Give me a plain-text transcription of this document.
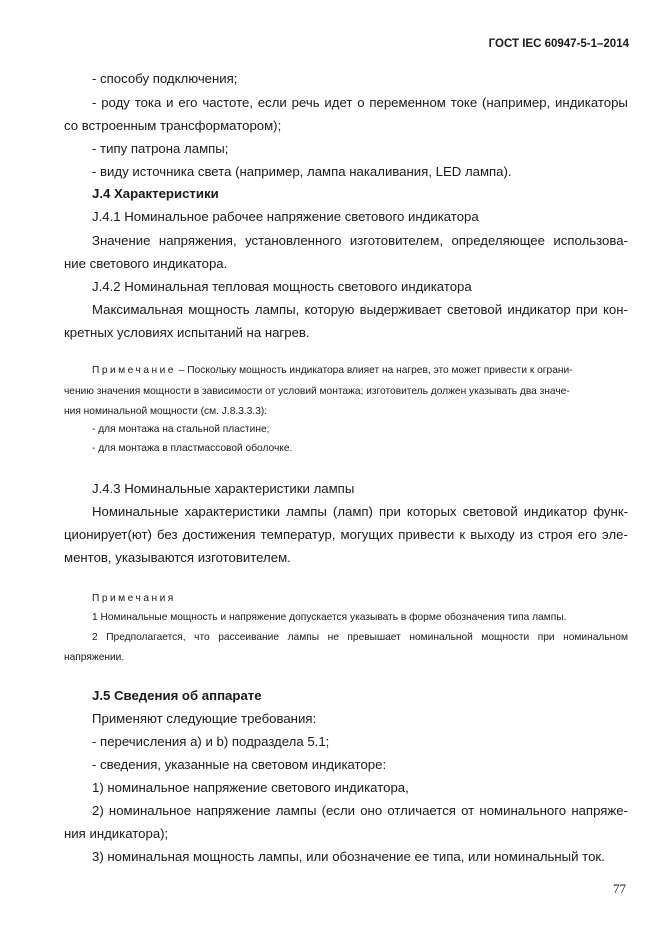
ГОСТ IEC 60947-5-1–2014
- способу подключения;
- роду тока и его частоте, если речь идет о переменном токе (например, индикаторы
со встроенным трансформатором);
- типу патрона лампы;
- виду источника света (например, лампа накаливания, LED лампа).
J.4 Характеристики
J.4.1 Номинальное рабочее напряжение светового индикатора
Значение напряжения, установленного изготовителем, определяющее использова-
ние светового индикатора.
J.4.2 Номинальная тепловая мощность светового индикатора
Максимальная мощность лампы, которую выдерживает световой индикатор при кон-
кретных условиях испытаний на нагрев.
Примечание – Поскольку мощность индикатора влияет на нагрев, это может привести к ограни-
чению значения мощности в зависимости от условий монтажа; изготовитель должен указывать два значе-
ния номинальной мощности (см. J.8.3.3.3):
- для монтажа на стальной пластине;
- для монтажа в пластмассовой оболочке.
J.4.3 Номинальные характеристики лампы
Номинальные характеристики лампы (ламп) при которых световой индикатор функ-
ционирует(ют) без достижения температур, могущих привести к выходу из строя его эле-
ментов, указываются изготовителем.
Примечания
1 Номинальные мощность и напряжение допускается указывать в форме обозначения типа лампы.
2 Предполагается, что рассеивание лампы не превышает номинальной мощности при номинальном
напряжении.
J.5 Сведения об аппарате
Применяют следующие требования:
- перечисления а) и b) подраздела 5.1;
- сведения, указанные на световом индикаторе:
1) номинальное напряжение светового индикатора,
2) номинальное напряжение лампы (если оно отличается от номинального напряже-
ния индикатора);
3) номинальная мощность лампы, или обозначение ее типа, или номинальный ток.
77
